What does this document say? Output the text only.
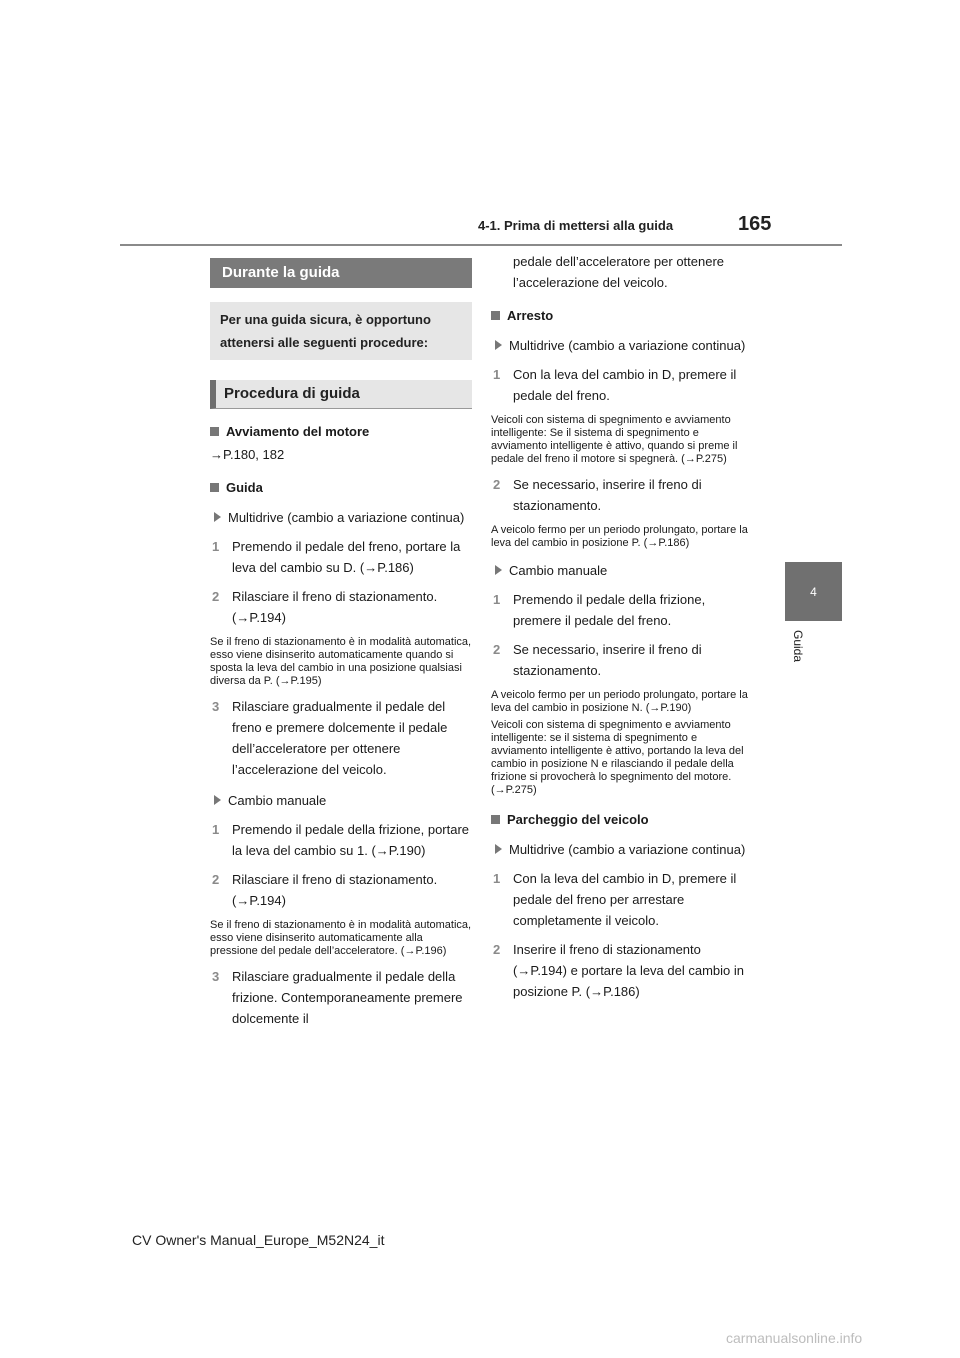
4-1. Prima di mettersi alla guida	165
4
Guida
Durante la guida
Per una guida sicura, è opportuno attenersi alle seguenti procedure:
Procedura di guida
Avviamento del motore
→P.180, 182
Guida
Multidrive (cambio a variazione continua)
1 Premendo il pedale del freno, portare la leva del cambio su D. (→P.186)
2 Rilasciare il freno di stazionamento. (→P.194)
Se il freno di stazionamento è in modalità automatica, esso viene disinserito automaticamente quando si sposta la leva del cambio in una posizione qualsiasi diversa da P. (→P.195)
3 Rilasciare gradualmente il pedale del freno e premere dolcemente il pedale dell’acceleratore per ottenere l’accelerazione del veicolo.
Cambio manuale
1 Premendo il pedale della frizione, portare la leva del cambio su 1. (→P.190)
2 Rilasciare il freno di stazionamento. (→P.194)
Se il freno di stazionamento è in modalità automatica, esso viene disinserito automaticamente alla pressione del pedale dell’acceleratore. (→P.196)
3 Rilasciare gradualmente il pedale della frizione. Contemporaneamente premere dolcemente il
pedale dell’acceleratore per ottenere l’accelerazione del veicolo.
Arresto
Multidrive (cambio a variazione continua)
1 Con la leva del cambio in D, premere il pedale del freno.
Veicoli con sistema di spegnimento e avviamento intelligente: Se il sistema di spegnimento e avviamento intelligente è attivo, quando si preme il pedale del freno il motore si spegnerà. (→P.275)
2 Se necessario, inserire il freno di stazionamento.
A veicolo fermo per un periodo prolungato, portare la leva del cambio in posizione P. (→P.186)
Cambio manuale
1 Premendo il pedale della frizione, premere il pedale del freno.
2 Se necessario, inserire il freno di stazionamento.
A veicolo fermo per un periodo prolungato, portare la leva del cambio in posizione N. (→P.190)
Veicoli con sistema di spegnimento e avviamento intelligente: se il sistema di spegnimento e avviamento intelligente è attivo, portando la leva del cambio in posizione N e rilasciando il pedale della frizione si provocherà lo spegnimento del motore. (→P.275)
Parcheggio del veicolo
Multidrive (cambio a variazione continua)
1 Con la leva del cambio in D, premere il pedale del freno per arrestare completamente il veicolo.
2 Inserire il freno di stazionamento (→P.194) e portare la leva del cambio in posizione P. (→P.186)
CV Owner's Manual_Europe_M52N24_it
carmanualsonline.info
